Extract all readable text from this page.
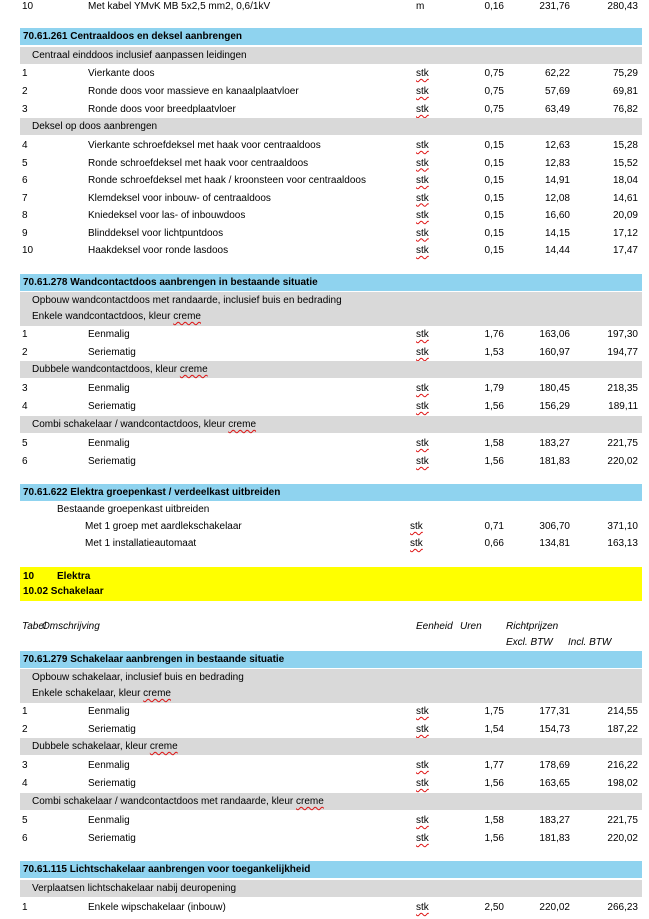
10	Met kabel YMvK MB 5x2,5 mm2, 0,6/1kV	m	0,16	231,76	280,43
70.61.261 Centraaldoos en deksel aanbrengen
Centraal einddoos inclusief aanpassen leidingen
1	Vierkante doos	stk	0,75	62,22	75,29
2	Ronde doos voor massieve en kanaalplaatvloer	stk	0,75	57,69	69,81
3	Ronde doos voor breedplaatvloer	stk	0,75	63,49	76,82
Deksel op doos aanbrengen
4	Vierkante schroefdeksel met haak voor centraaldoos	stk	0,15	12,63	15,28
5	Ronde schroefdeksel met haak voor centraaldoos	stk	0,15	12,83	15,52
6	Ronde schroefdeksel met haak / kroonsteen voor centraaldoos	stk	0,15	14,91	18,04
7	Klemdeksel voor inbouw- of centraaldoos	stk	0,15	12,08	14,61
8	Kniedeksel voor las- of inbouwdoos	stk	0,15	16,60	20,09
9	Blinddeksel voor lichtpuntdoos	stk	0,15	14,15	17,12
10	Haakdeksel voor ronde lasdoos	stk	0,15	14,44	17,47
70.61.278 Wandcontactdoos aanbrengen in bestaande situatie
Opbouw wandcontactdoos met randaarde, inclusief buis en bedrading
Enkele wandcontactdoos, kleur creme
1	Eenmalig	stk	1,76	163,06	197,30
2	Seriematig	stk	1,53	160,97	194,77
Dubbele wandcontactdoos, kleur creme
3	Eenmalig	stk	1,79	180,45	218,35
4	Seriematig	stk	1,56	156,29	189,11
Combi schakelaar / wandcontactdoos, kleur creme
5	Eenmalig	stk	1,58	183,27	221,75
6	Seriematig	stk	1,56	181,83	220,02
70.61.622 Elektra groepenkast / verdeelkast uitbreiden
Bestaande groepenkast uitbreiden
Met 1 groep met aardlekschakelaar	stk	0,71	306,70	371,10
Met 1 installatieautomaat	stk	0,66	134,81	163,13
10 Elektra
10.02 Schakelaar
Tabel
Omschrijving	Eenheid Uren Richtprijzen
Excl. BTW Incl. BTW
70.61.279 Schakelaar aanbrengen in bestaande situatie
Opbouw schakelaar, inclusief buis en bedrading
Enkele schakelaar, kleur creme
1	Eenmalig	stk	1,75	177,31	214,55
2	Seriematig	stk	1,54	154,73	187,22
Dubbele schakelaar, kleur creme
3	Eenmalig	stk	1,77	178,69	216,22
4	Seriematig	stk	1,56	163,65	198,02
Combi schakelaar / wandcontactdoos met randaarde, kleur creme
5	Eenmalig	stk	1,58	183,27	221,75
6	Seriematig	stk	1,56	181,83	220,02
70.61.115 Lichtschakelaar aanbrengen voor toegankelijkheid
Verplaatsen lichtschakelaar nabij deuropening
1	Enkele wipschakelaar (inbouw)	stk	2,50	220,02	266,23
